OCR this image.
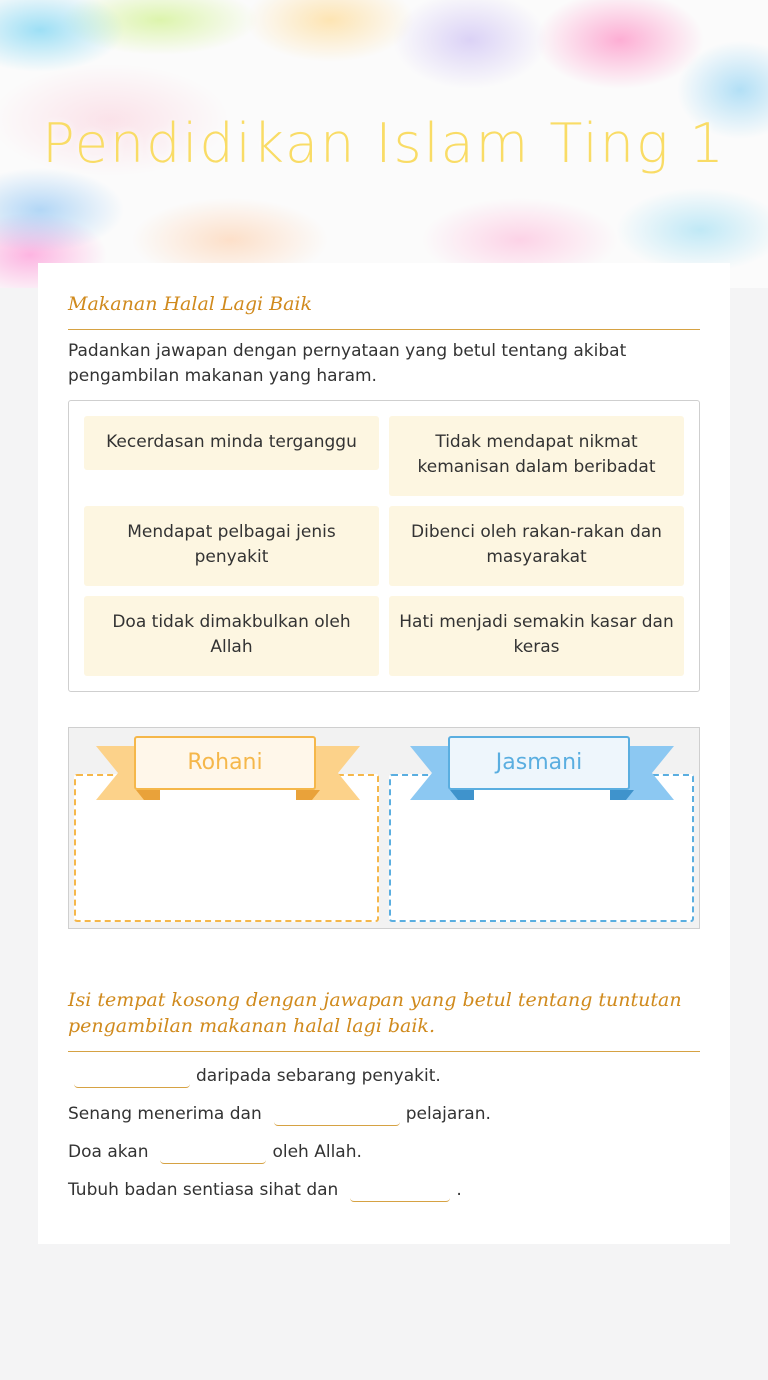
Pendidikan Islam Ting 1
Makanan Halal Lagi Baik
Padankan jawapan dengan pernyataan yang betul tentang akibat pengambilan makanan yang haram.
Kecerdasan minda terganggu	Tidak mendapat nikmat kemanisan dalam beribadat
Mendapat pelbagai jenis penyakit
Dibenci oleh rakan-rakan dan masyarakat
Doa tidak dimakbulkan oleh Allah
Hati menjadi semakin kasar dan keras
Rohani	Jasmani
Isi tempat kosong dengan jawapan yang betul tentang tuntutan pengambilan makanan halal lagi baik.
daripada sebarang penyakit.
Senang menerima dan	pelajaran.
Doa akan	oleh Allah.
Tubuh badan sentiasa sihat dan	.
